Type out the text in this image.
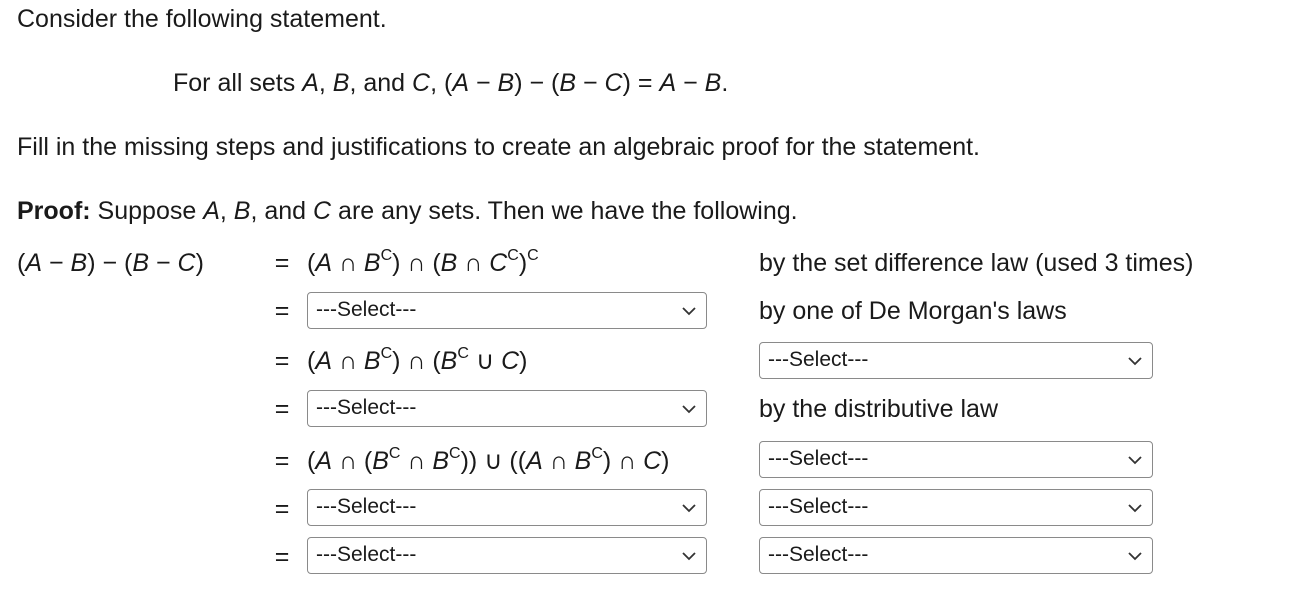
Consider the following statement.
For all sets A, B, and C, (A − B) − (B − C) = A − B.
Fill in the missing steps and justifications to create an algebraic proof for the statement.
Proof: Suppose A, B, and C are any sets. Then we have the following.
(A − B) − (B − C)	= (A ∩ $B^C$) ∩ (B ∩ $C^C)^C$	by the set difference law (used 3 times)
=	---Select---	by one of De Morgan's laws
= (A ∩ $B^C$) ∩ ($B^C$ ∪ C)	---Select---
=	---Select---	by the distributive law
= (A ∩ ($B^C$ ∩ $B^C$)) ∪ ((A ∩ $B^C$) ∩ C)	---Select---
=	---Select---	---Select---
=	---Select---	---Select---
